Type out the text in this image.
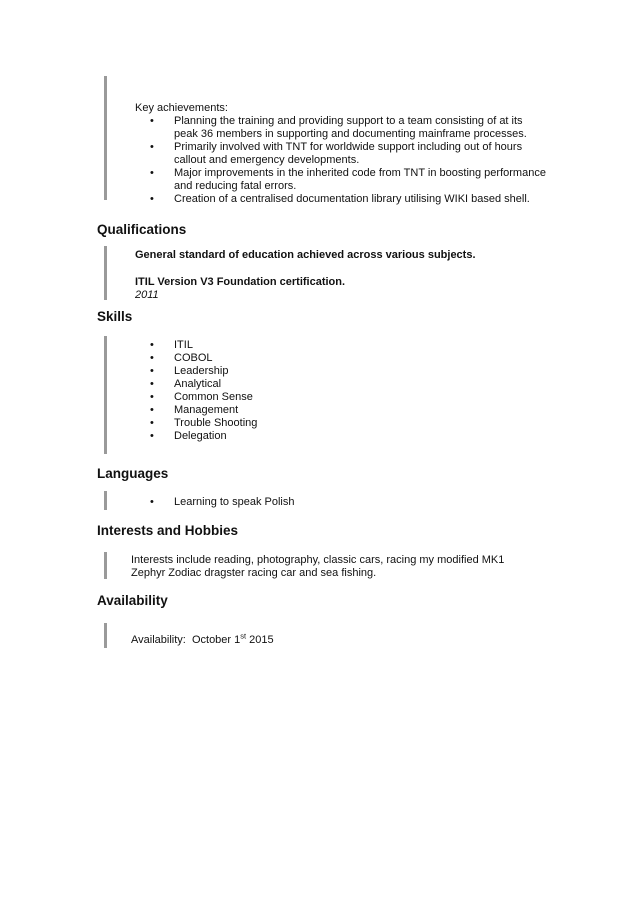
Key achievements:
• Planning the training and providing support to a team consisting of at its peak 36 members in supporting and documenting mainframe processes.
• Primarily involved with TNT for worldwide support including out of hours callout and emergency developments.
• Major improvements in the inherited code from TNT in boosting performance and reducing fatal errors.
• Creation of a centralised documentation library utilising WIKI based shell.
Qualifications
General standard of education achieved across various subjects.
ITIL Version V3 Foundation certification.
2011
Skills
• ITIL
• COBOL
• Leadership
• Analytical
• Common Sense
• Management
• Trouble Shooting
• Delegation
Languages
• Learning to speak Polish
Interests and Hobbies
Interests include reading, photography, classic cars, racing my modified MK1 Zephyr Zodiac dragster racing car and sea fishing.
Availability
Availability: October 1st 2015
